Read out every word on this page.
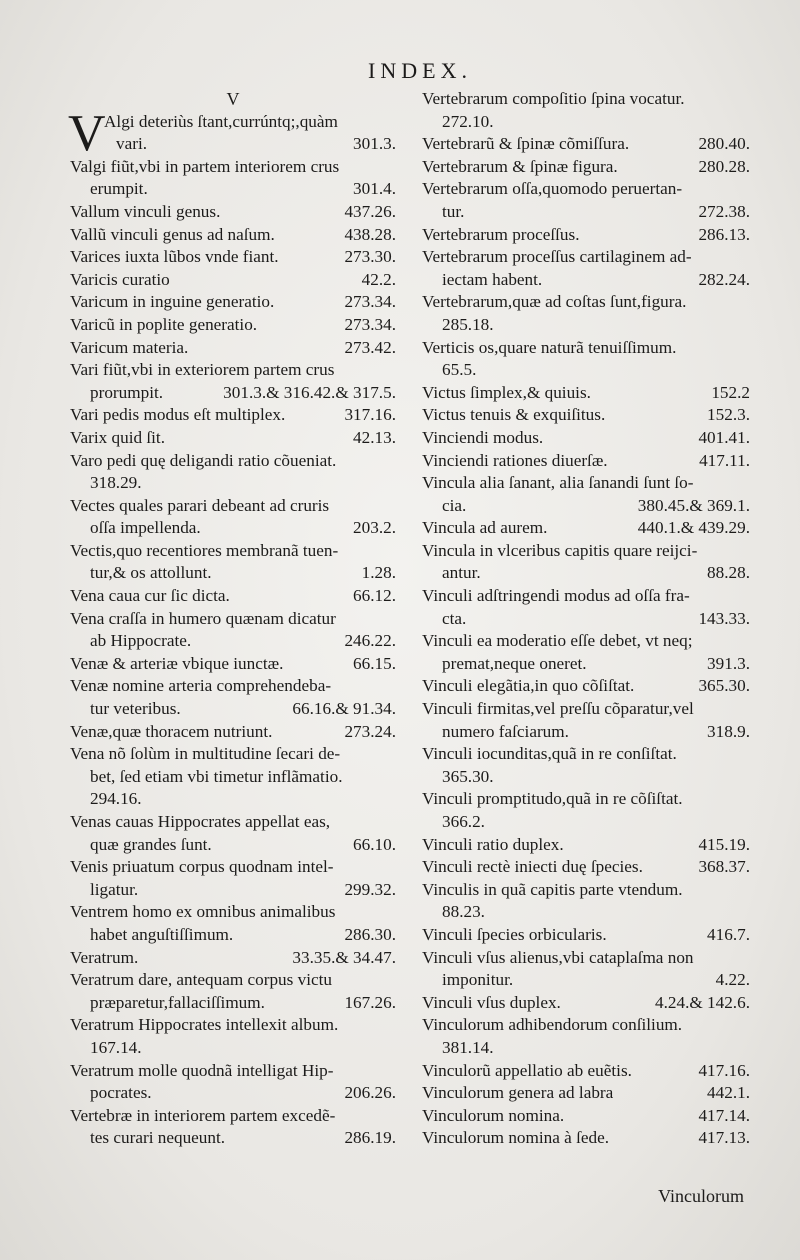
INDEX.
V
V
Algi deteriùs ſtant,currúntq;,quàm
301.3.
vari.
Valgi fiũt,vbi in partem interiorem crus
301.4.
erumpit.
437.26.
Vallum vinculi genus.
438.28.
Vallũ vinculi genus ad naſum.
273.30.
Varices iuxta lũbos vnde fiant.
42.2.
Varicis curatio
273.34.
Varicum in inguine generatio.
273.34.
Varicũ in poplite generatio.
273.42.
Varicum materia.
Vari fiũt,vbi in exteriorem partem crus
301.3.& 316.42.& 317.5.
prorumpit.
317.16.
Vari pedis modus eſt multiplex.
42.13.
Varix quid ſit.
Varo pedi quę deligandi ratio cõueniat.
318.29.
Vectes quales parari debeant ad cruris
203.2.
oſſa impellenda.
Vectis,quo recentiores membranã tuen-
1.28.
tur,& os attollunt.
66.12.
Vena caua cur ſic dicta.
Vena craſſa in humero quænam dicatur
246.22.
ab Hippocrate.
66.15.
Venæ & arteriæ vbique iunctæ.
Venæ nomine arteria comprehendeba-
66.16.& 91.34.
tur veteribus.
273.24.
Venæ,quæ thoracem nutriunt.
Vena nõ ſolùm in multitudine ſecari de-
bet, ſed etiam vbi timetur inflãmatio.
294.16.
Venas cauas Hippocrates appellat eas,
66.10.
quæ grandes ſunt.
Venis priuatum corpus quodnam intel-
299.32.
ligatur.
Ventrem homo ex omnibus animalibus
286.30.
habet anguſtiſſimum.
33.35.& 34.47.
Veratrum.
Veratrum dare, antequam corpus victu
167.26.
præparetur,fallaciſſimum.
Veratrum Hippocrates intellexit album.
167.14.
Veratrum molle quodnã intelligat Hip-
206.26.
pocrates.
Vertebræ in interiorem partem excedẽ-
286.19.
tes curari nequeunt.
Vertebrarum compoſitio ſpina vocatur.
272.10.
280.40.
Vertebrarũ & ſpinæ cõmiſſura.
280.28.
Vertebrarum & ſpinæ figura.
Vertebrarum oſſa,quomodo peruertan-
272.38.
tur.
286.13.
Vertebrarum proceſſus.
Vertebrarum proceſſus cartilaginem ad-
282.24.
iectam habent.
Vertebrarum,quæ ad coſtas ſunt,figura.
285.18.
Verticis os,quare naturã tenuiſſimum.
65.5.
152.2
Victus ſimplex,& quiuis.
152.3.
Victus tenuis & exquiſitus.
401.41.
Vinciendi modus.
417.11.
Vinciendi rationes diuerſæ.
Vincula alia ſanant, alia ſanandi ſunt ſo-
380.45.& 369.1.
cia.
440.1.& 439.29.
Vincula ad aurem.
Vincula in vlceribus capitis quare reijci-
88.28.
antur.
Vinculi adſtringendi modus ad oſſa fra-
143.33.
cta.
Vinculi ea moderatio eſſe debet, vt neq;
391.3.
premat,neque oneret.
365.30.
Vinculi elegãtia,in quo cõſiſtat.
Vinculi firmitas,vel preſſu cõparatur,vel
318.9.
numero faſciarum.
Vinculi iocunditas,quã in re conſiſtat.
365.30.
Vinculi promptitudo,quã in re cõſiſtat.
366.2.
415.19.
Vinculi ratio duplex.
368.37.
Vinculi rectè iniecti duę ſpecies.
Vinculis in quã capitis parte vtendum.
88.23.
416.7.
Vinculi ſpecies orbicularis.
Vinculi vſus alienus,vbi cataplaſma non
4.22.
imponitur.
4.24.& 142.6.
Vinculi vſus duplex.
Vinculorum adhibendorum conſilium.
381.14.
417.16.
Vinculorũ appellatio ab euẽtis.
442.1.
Vinculorum genera ad labra
417.14.
Vinculorum nomina.
417.13.
Vinculorum nomina à ſede.
Vinculorum
